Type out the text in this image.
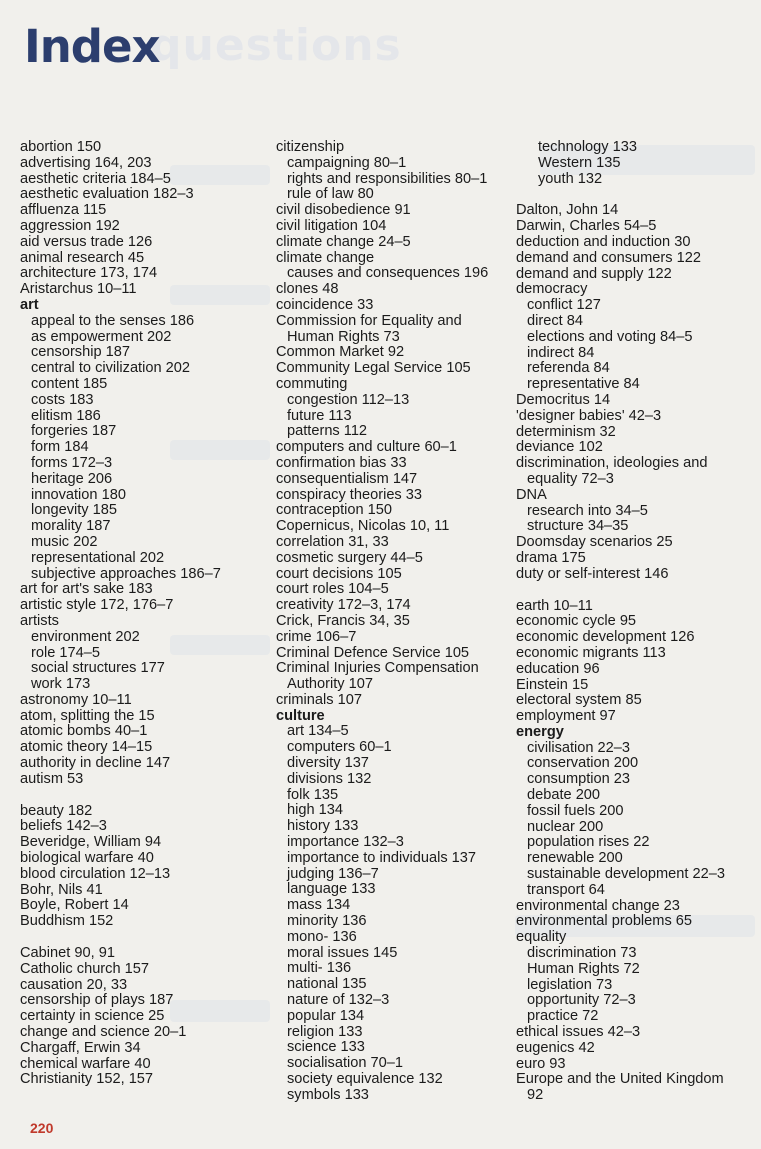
questions
Index
abortion 150
advertising 164, 203
aesthetic criteria 184–5
aesthetic evaluation 182–3
affluenza 115
aggression 192
aid versus trade 126
animal research 45
architecture 173, 174
Aristarchus 10–11
art
appeal to the senses 186
as empowerment 202
censorship 187
central to civilization 202
content 185
costs 183
elitism 186
forgeries 187
form 184
forms 172–3
heritage 206
innovation 180
longevity 185
morality 187
music 202
representational 202
subjective approaches 186–7
art for art's sake 183
artistic style 172, 176–7
artists
environment 202
role 174–5
social structures 177
work 173
astronomy 10–11
atom, splitting the 15
atomic bombs 40–1
atomic theory 14–15
authority in decline 147
autism 53
beauty 182
beliefs 142–3
Beveridge, William 94
biological warfare 40
blood circulation 12–13
Bohr, Nils 41
Boyle, Robert 14
Buddhism 152
Cabinet 90, 91
Catholic church 157
causation 20, 33
censorship of plays 187
certainty in science 25
change and science 20–1
Chargaff, Erwin 34
chemical warfare 40
Christianity 152, 157
citizenship
campaigning 80–1
rights and responsibilities 80–1
rule of law 80
civil disobedience 91
civil litigation 104
climate change 24–5
climate change
causes and consequences 196
clones 48
coincidence 33
Commission for Equality and
Human Rights 73
Common Market 92
Community Legal Service 105
commuting
congestion 112–13
future 113
patterns 112
computers and culture 60–1
confirmation bias 33
consequentialism 147
conspiracy theories 33
contraception 150
Copernicus, Nicolas 10, 11
correlation 31, 33
cosmetic surgery 44–5
court decisions 105
court roles 104–5
creativity 172–3, 174
Crick, Francis 34, 35
crime 106–7
Criminal Defence Service 105
Criminal Injuries Compensation
Authority 107
criminals 107
culture
art 134–5
computers 60–1
diversity 137
divisions 132
folk 135
high 134
history 133
importance 132–3
importance to individuals 137
judging 136–7
language 133
mass 134
minority 136
mono- 136
moral issues 145
multi- 136
national 135
nature of 132–3
popular 134
religion 133
science 133
socialisation 70–1
society equivalence 132
symbols 133
technology 133
Western 135
youth 132
Dalton, John 14
Darwin, Charles 54–5
deduction and induction 30
demand and consumers 122
demand and supply 122
democracy
conflict 127
direct 84
elections and voting 84–5
indirect 84
referenda 84
representative 84
Democritus 14
'designer babies' 42–3
determinism 32
deviance 102
discrimination, ideologies and
equality 72–3
DNA
research into 34–5
structure 34–35
Doomsday scenarios 25
drama 175
duty or self-interest 146
earth 10–11
economic cycle 95
economic development 126
economic migrants 113
education 96
Einstein 15
electoral system 85
employment 97
energy
civilisation 22–3
conservation 200
consumption 23
debate 200
fossil fuels 200
nuclear 200
population rises 22
renewable 200
sustainable development 22–3
transport 64
environmental change 23
environmental problems 65
equality
discrimination 73
Human Rights 72
legislation 73
opportunity 72–3
practice 72
ethical issues 42–3
eugenics 42
euro 93
Europe and the United Kingdom
92
220
